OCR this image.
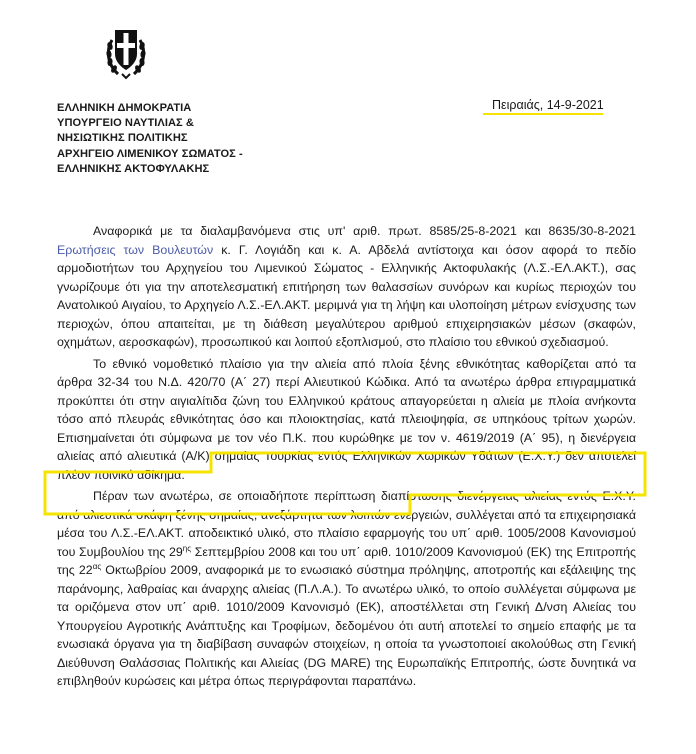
ΕΛΛΗΝΙΚΗ ΔΗΜΟΚΡΑΤΙΑ
ΥΠΟΥΡΓΕΙΟ ΝΑΥΤΙΛΙΑΣ &
ΝΗΣΙΩΤΙΚΗΣ ΠΟΛΙΤΙΚΗΣ
ΑΡΧΗΓΕΙΟ ΛΙΜΕΝΙΚΟΥ ΣΩΜΑΤΟΣ -
ΕΛΛΗΝΙΚΗΣ ΑΚΤΟΦΥΛΑΚΗΣ
Πειραιάς, 14-9-2021

Αναφορικά με τα διαλαμβανόμενα στις υπ' αριθ. πρωτ. 8585/25-8-2021 και 8635/30-8-2021 Ερωτήσεις των Βουλευτών κ. Γ. Λογιάδη και κ. Α. Αβδελά αντίστοιχα και όσον αφορά το πεδίο αρμοδιοτήτων του Αρχηγείου του Λιμενικού Σώματος - Ελληνικής Ακτοφυλακής (Λ.Σ.-ΕΛ.ΑΚΤ.), σας γνωρίζουμε ότι για την αποτελεσματική επιτήρηση των θαλασσίων συνόρων και κυρίως περιοχών του Ανατολικού Αιγαίου, το Αρχηγείο Λ.Σ.-ΕΛ.ΑΚΤ. μεριμνά για τη λήψη και υλοποίηση μέτρων ενίσχυσης των περιοχών, όπου απαιτείται, με τη διάθεση μεγαλύτερου αριθμού επιχειρησιακών μέσων (σκαφών, οχημάτων, αεροσκαφών), προσωπικού και λοιπού εξοπλισμού, στο πλαίσιο του εθνικού σχεδιασμού.

Το εθνικό νομοθετικό πλαίσιο για την αλιεία από πλοία ξένης εθνικότητας καθορίζεται από τα άρθρα 32-34 του Ν.Δ. 420/70 (Α΄ 27) περί Αλιευτικού Κώδικα. Από τα ανωτέρω άρθρα επιγραμματικά προκύπτει ότι στην αιγιαλίτιδα ζώνη του Ελληνικού κράτους απαγορεύεται η αλιεία με πλοία ανήκοντα τόσο από πλευράς εθνικότητας όσο και πλοιοκτησίας, κατά πλειοψηφία, σε υπηκόους τρίτων χωρών. Επισημαίνεται ότι σύμφωνα με τον νέο Π.Κ. που κυρώθηκε με τον ν. 4619/2019 (Α΄ 95), η διενέργεια αλιείας από αλιευτικά (Α/Κ) σημαίας Τουρκίας εντός Ελληνικών Χωρικών Υδάτων (Ε.Χ.Υ.) δεν αποτελεί πλέον ποινικό αδίκημα.

Πέραν των ανωτέρω, σε οποιαδήποτε περίπτωση διαπίστωσης διενέργειας αλιείας εντός Ε.Χ.Υ. από αλιευτικά σκάφη ξένης σημαίας, ανεξάρτητα των λοιπών ενεργειών, συλλέγεται από τα επιχειρησιακά μέσα του Λ.Σ.-ΕΛ.ΑΚΤ. αποδεικτικό υλικό, στο πλαίσιο εφαρμογής του υπ΄ αριθ. 1005/2008 Κανονισμού του Συμβουλίου της $29^{\eta\varsigma}$ Σεπτεμβρίου 2008 και του υπ΄ αριθ. 1010/2009 Κανονισμού (ΕΚ) της Επιτροπής της $22^{\alpha\varsigma}$ Οκτωβρίου 2009, αναφορικά με το ενωσιακό σύστημα πρόληψης, αποτροπής και εξάλειψης της παράνομης, λαθραίας και άναρχης αλιείας (Π.Λ.Α.). Το ανωτέρω υλικό, το οποίο συλλέγεται σύμφωνα με τα οριζόμενα στον υπ΄ αριθ. 1010/2009 Κανονισμό (ΕΚ), αποστέλλεται στη Γενική Δ/νση Αλιείας του Υπουργείου Αγροτικής Ανάπτυξης και Τροφίμων, δεδομένου ότι αυτή αποτελεί το σημείο επαφής με τα ενωσιακά όργανα για τη διαβίβαση συναφών στοιχείων, η οποία τα γνωστοποιεί ακολούθως στη Γενική Διεύθυνση Θαλάσσιας Πολιτικής και Αλιείας (DG MARE) της Ευρωπαϊκής Επιτροπής, ώστε δυνητικά να επιβληθούν κυρώσεις και μέτρα όπως περιγράφονται παραπάνω.
